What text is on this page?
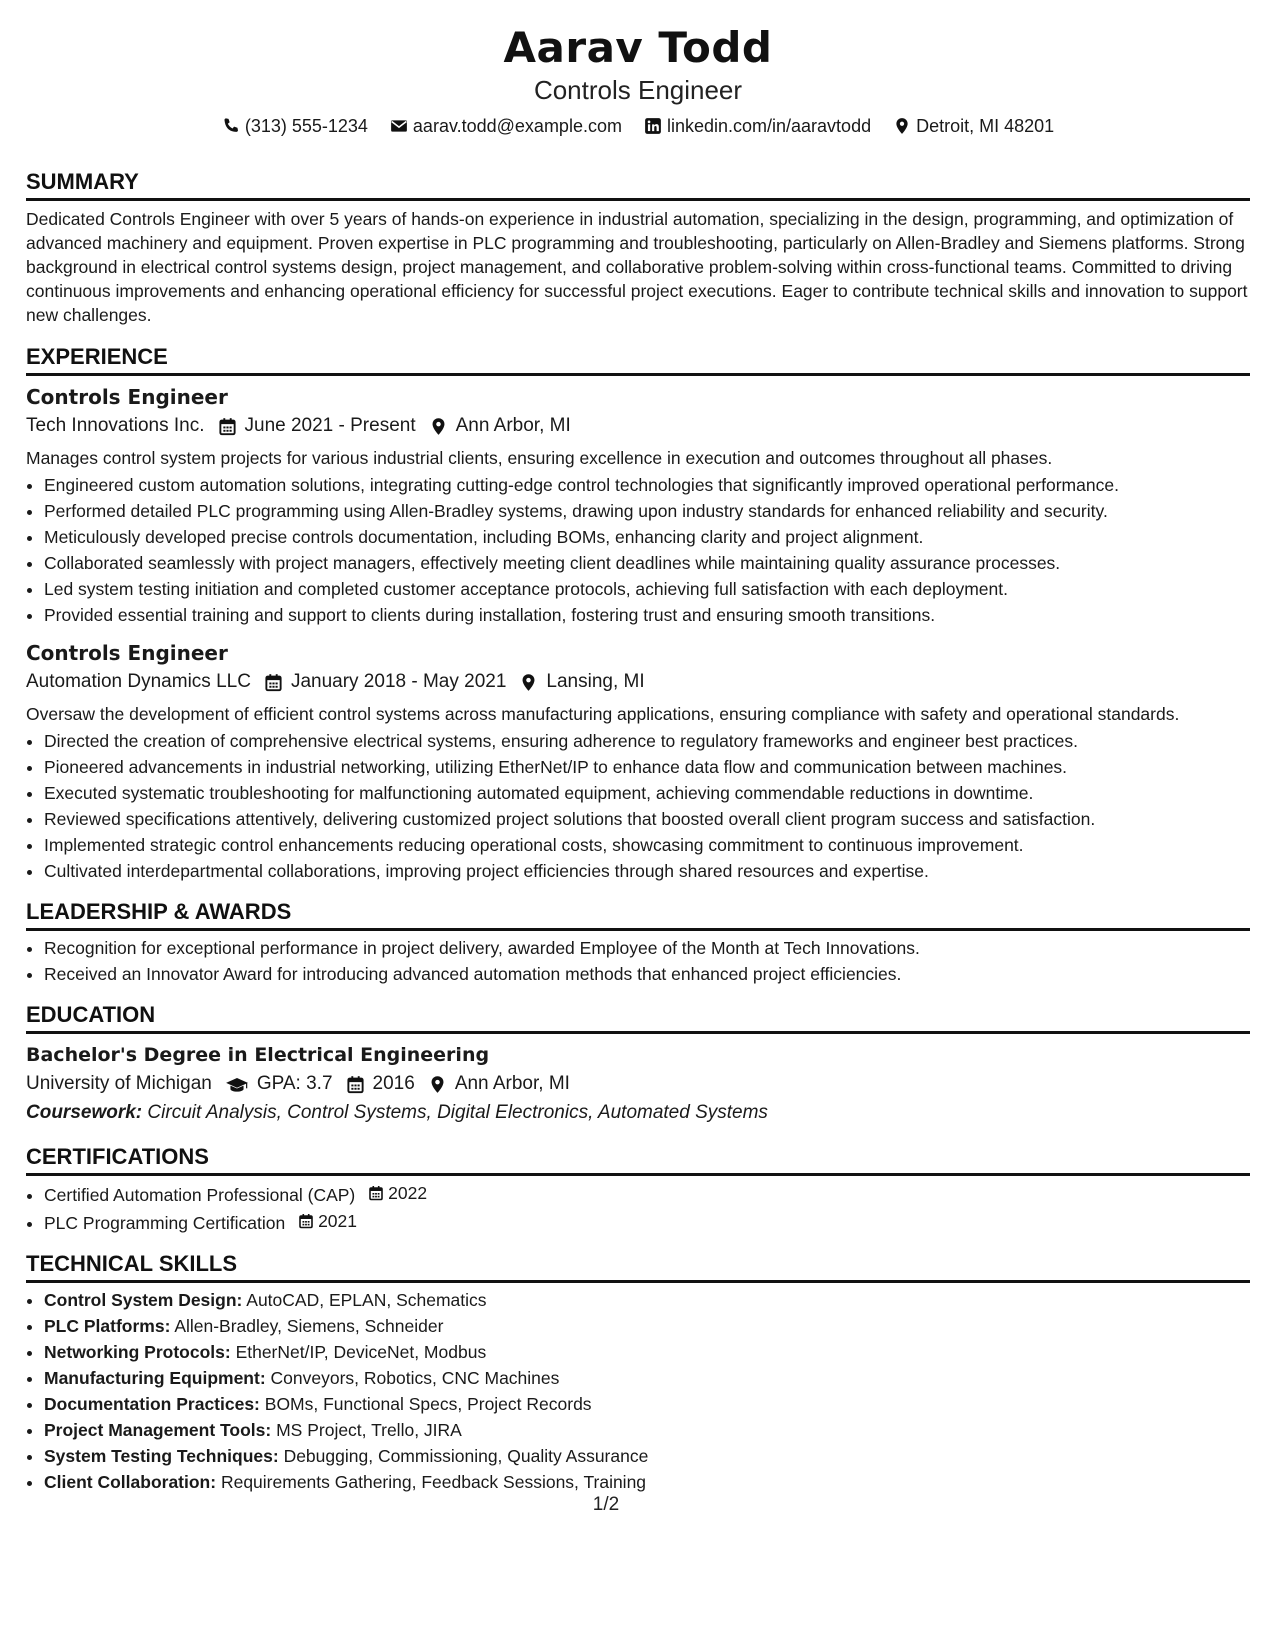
Aarav Todd
Controls Engineer
(313) 555-1234	aarav.todd@example.com	linkedin.com/in/aaravtodd	Detroit, MI 48201
SUMMARY
Dedicated Controls Engineer with over 5 years of hands-on experience in industrial automation, specializing in the design, programming, and optimization of advanced machinery and equipment. Proven expertise in PLC programming and troubleshooting, particularly on Allen-Bradley and Siemens platforms. Strong background in electrical control systems design, project management, and collaborative problem-solving within cross-functional teams. Committed to driving continuous improvements and enhancing operational efficiency for successful project executions. Eager to contribute technical skills and innovation to support new challenges.
EXPERIENCE
Controls Engineer
Tech Innovations Inc. June 2021 - Present Ann Arbor, MI
Manages control system projects for various industrial clients, ensuring excellence in execution and outcomes throughout all phases.
• Engineered custom automation solutions, integrating cutting-edge control technologies that significantly improved operational performance.
• Performed detailed PLC programming using Allen-Bradley systems, drawing upon industry standards for enhanced reliability and security.
• Meticulously developed precise controls documentation, including BOMs, enhancing clarity and project alignment.
• Collaborated seamlessly with project managers, effectively meeting client deadlines while maintaining quality assurance processes.
• Led system testing initiation and completed customer acceptance protocols, achieving full satisfaction with each deployment.
• Provided essential training and support to clients during installation, fostering trust and ensuring smooth transitions.
Controls Engineer
Automation Dynamics LLC January 2018 - May 2021 Lansing, MI
Oversaw the development of efficient control systems across manufacturing applications, ensuring compliance with safety and operational standards.
• Directed the creation of comprehensive electrical systems, ensuring adherence to regulatory frameworks and engineer best practices.
• Pioneered advancements in industrial networking, utilizing EtherNet/IP to enhance data flow and communication between machines.
• Executed systematic troubleshooting for malfunctioning automated equipment, achieving commendable reductions in downtime.
• Reviewed specifications attentively, delivering customized project solutions that boosted overall client program success and satisfaction.
• Implemented strategic control enhancements reducing operational costs, showcasing commitment to continuous improvement.
• Cultivated interdepartmental collaborations, improving project efficiencies through shared resources and expertise.
LEADERSHIP & AWARDS
• Recognition for exceptional performance in project delivery, awarded Employee of the Month at Tech Innovations.
• Received an Innovator Award for introducing advanced automation methods that enhanced project efficiencies.
EDUCATION
Bachelor's Degree in Electrical Engineering
University of Michigan GPA: 3.7 2016 Ann Arbor, MI
Coursework: Circuit Analysis, Control Systems, Digital Electronics, Automated Systems
CERTIFICATIONS
• Certified Automation Professional (CAP) 2022
• PLC Programming Certification 2021
TECHNICAL SKILLS
• Control System Design: AutoCAD, EPLAN, Schematics
• PLC Platforms: Allen-Bradley, Siemens, Schneider
• Networking Protocols: EtherNet/IP, DeviceNet, Modbus
• Manufacturing Equipment: Conveyors, Robotics, CNC Machines
• Documentation Practices: BOMs, Functional Specs, Project Records
• Project Management Tools: MS Project, Trello, JIRA
• System Testing Techniques: Debugging, Commissioning, Quality Assurance
• Client Collaboration: Requirements Gathering, Feedback Sessions, Training
1/2
